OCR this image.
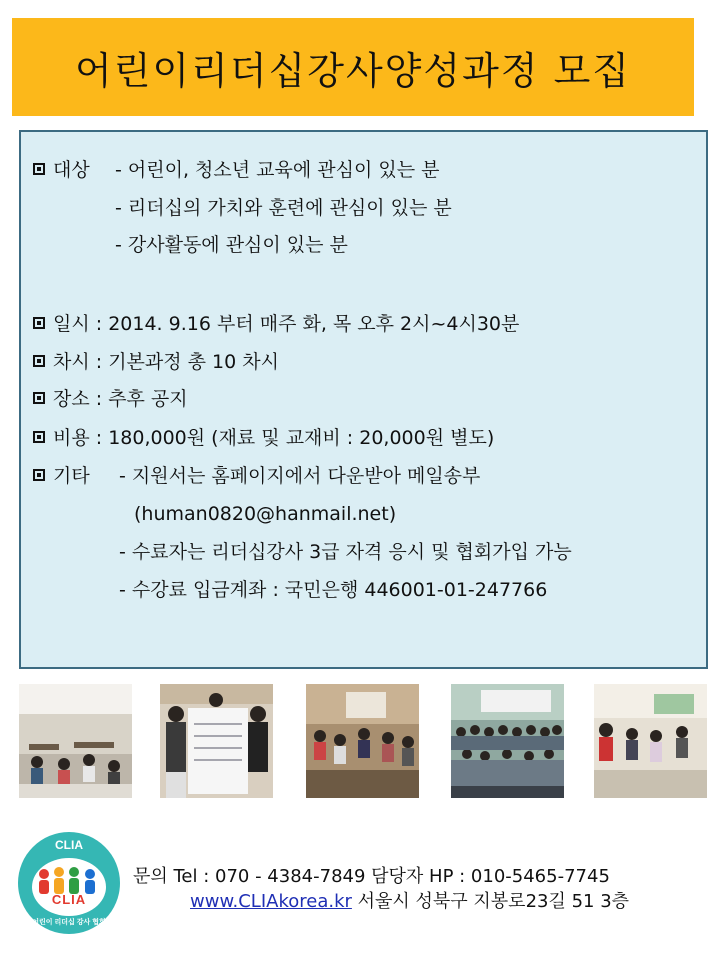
어린이리더십강사양성과정 모집
대상 - 어린이, 청소년 교육에 관심이 있는 분
- 리더십의 가치와 훈련에 관심이 있는 분
- 강사활동에 관심이 있는 분
일시 : 2014. 9.16 부터 매주 화, 목 오후 2시~4시30분
차시 : 기본과정 총 10 차시
장소 : 추후 공지
비용 : 180,000원 (재료 및 교재비 : 20,000원 별도)
기타 - 지원서는 홈페이지에서 다운받아 메일송부
(human0820@hanmail.net)
- 수료자는 리더십강사 3급 자격 응시 및 협회가입 가능
- 수강료 입금계좌 : 국민은행 446001-01-247766
CLIA
CLIA
어린이 리더십 강사 협회
문의 Tel : 070 - 4384-7849 담당자 HP : 010-5465-7745
www.CLIAkorea.kr 서울시 성북구 지봉로23길 51 3층
